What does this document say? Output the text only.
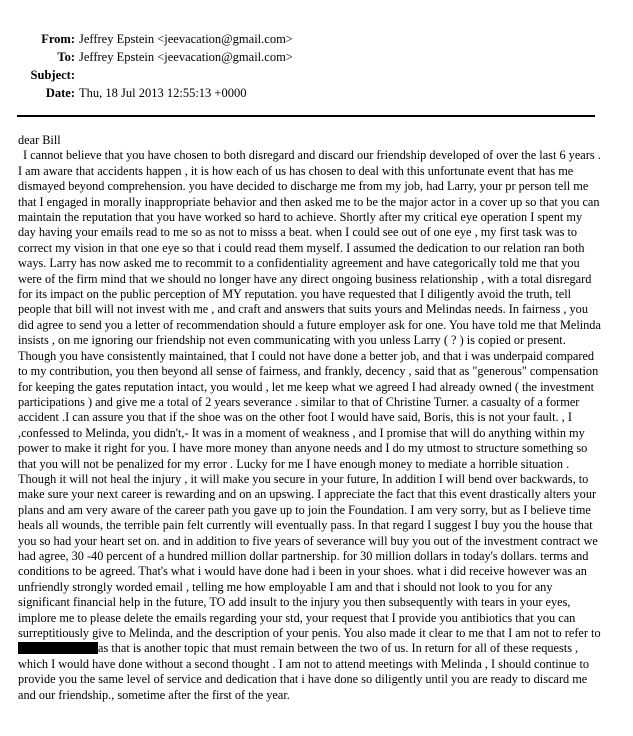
From: Jeffrey Epstein <jeevacation@gmail.com>
To: Jeffrey Epstein <jeevacation@gmail.com>
Subject:
Date: Thu, 18 Jul 2013 12:55:13 +0000

dear Bill

I cannot believe that you have chosen to both disregard and discard our friendship developed of over the last 6 years . I am aware that accidents happen , it is how each of us has chosen to deal with this unfortunate event that has me dismayed beyond comprehension. you have decided to discharge me from my job, had Larry, your pr person tell me that I engaged in morally inappropriate behavior and then asked me to be the major actor in a cover up so that you can maintain the reputation that you have worked so hard to achieve. Shortly after my critical eye operation I spent my day having your emails read to me so as not to misss a beat. when I could see out of one eye , my first task was to correct my vision in that one eye so that i could read them myself. I assumed the dedication to our relation ran both ways. Larry has now asked me to recommit to a confidentiality agreement and have categorically told me that you were of the firm mind that we should no longer have any direct ongoing business relationship , with a total disregard for its impact on the public perception of MY reputation. you have requested that I diligently avoid the truth, tell people that bill will not invest with me , and craft and answers that suits yours and Melindas needs. In fairness , you did agree to send you a letter of recommendation should a future employer ask for one. You have told me that Melinda insists , on me ignoring our friendship not even communicating with you unless Larry ( ? ) is copied or present. Though you have consistently maintained, that I could not have done a better job, and that i was underpaid compared to my contribution, you then beyond all sense of fairness, and frankly, decency , said that as "generous" compensation for keeping the gates reputation intact, you would , let me keep what we agreed I had already owned ( the investment participations ) and give me a total of 2 years severance . similar to that of Christine Turner. a casualty of a former accident .I can assure you that if the shoe was on the other foot I would have said, Boris, this is not your fault. , I ,confessed to Melinda, you didn't,- It was in a moment of weakness , and I promise that will do anything within my power to make it right for you. I have more money than anyone needs and I do my utmost to structure something so that you will not be penalized for my error . Lucky for me I have enough money to mediate a horrible situation . Though it will not heal the injury , it will make you secure in your future, In addition I will bend over backwards, to make sure your next career is rewarding and on an upswing. I appreciate the fact that this event drastically alters your plans and am very aware of the career path you gave up to join the Foundation. I am very sorry, but as I believe time heals all wounds, the terrible pain felt currently will eventually pass. In that regard I suggest I buy you the house that you so had your heart set on. and in addition to five years of severance will buy you out of the investment contract we had agree, 30 -40 percent of a hundred million dollar partnership. for 30 million dollars in today's dollars. terms and conditions to be agreed. That's what i would have done had i been in your shoes. what i did receive however was an unfriendly strongly worded email , telling me how employable I am and that i should not look to you for any significant financial help in the future, TO add insult to the injury you then subsequently with tears in your eyes, implore me to please delete the emails regarding your std, your request that I provide you antibiotics that you can surreptitiously give to Melinda, and the description of your penis. You also made it clear to me that I am not to refer to as that is another topic that must remain between the two of us. In return for all of these requests , which I would have done without a second thought . I am not to attend meetings with Melinda , I should continue to provide you the same level of service and dedication that i have done so diligently until you are ready to discard me and our friendship., sometime after the first of the year.
